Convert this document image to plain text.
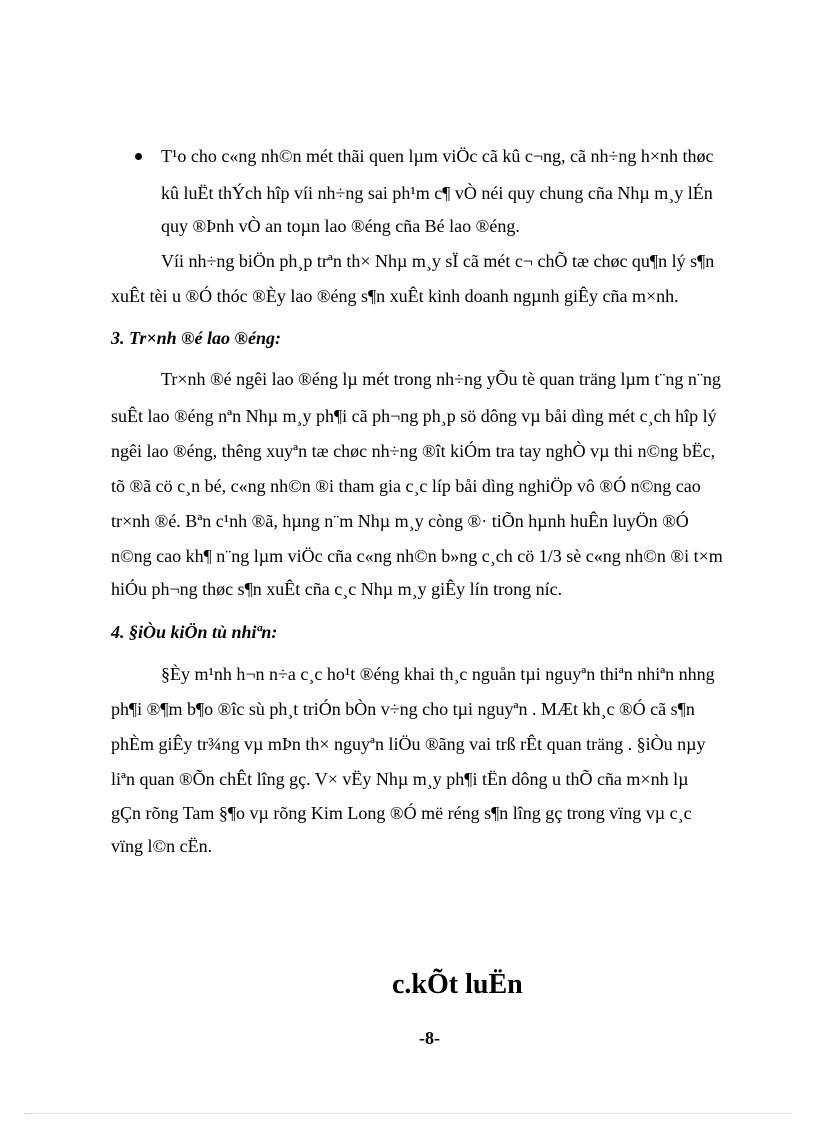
T¹o cho c«ng nh©n mét thãi quen lµm viÖc cã kû c¬ng, cã nh÷ng h×nh thøc
kû luËt thÝch hîp víi nh÷ng sai ph¹m c¶ vÒ néi quy chung cña Nhµ m¸y lÉn
quy ®Þnh vÒ an toµn lao ®éng cña Bé lao ®éng.
Víi nh÷ng biÖn ph¸p trªn th× Nhµ m¸y sÏ cã mét c¬ chÕ tæ chøc qu¶n lý s¶n
xuÊt tèi u ®Ó thóc ®Èy lao ®éng s¶n xuÊt kinh doanh ngµnh giÊy cña m×nh.
3. Tr×nh ®é lao ®éng:
Tr×nh ®é ngêi lao ®éng lµ mét trong nh÷ng yÕu tè quan träng lµm t¨ng n¨ng
suÊt lao ®éng nªn Nhµ m¸y ph¶i cã ph¬ng ph¸p sö dông vµ båi dìng mét c¸ch hîp lý
ngêi lao ®éng, thêng xuyªn tæ chøc nh÷ng ®ît kiÓm tra tay nghÒ vµ thi n©ng bËc,
tõ ®ã cö c¸n bé, c«ng nh©n ®i tham gia c¸c líp båi dìng nghiÖp vô ®Ó n©ng cao
tr×nh ®é. Bªn c¹nh ®ã, hµng n¨m Nhµ m¸y còng ®· tiÕn hµnh huÊn luyÖn ®Ó
n©ng cao kh¶ n¨ng lµm viÖc cña c«ng nh©n b»ng c¸ch cö 1/3 sè c«ng nh©n ®i t×m
hiÓu ph¬ng thøc s¶n xuÊt cña c¸c Nhµ m¸y giÊy lín trong níc.
4. §iÒu kiÖn tù nhiªn:
§Èy m¹nh h¬n n÷a c¸c ho¹t ®éng khai th¸c nguån tµi nguyªn thiªn nhiªn nhng
ph¶i ®¶m b¶o ®îc sù ph¸t triÓn bÒn v÷ng cho tµi nguyªn . MÆt kh¸c ®Ó cã s¶n
phÈm giÊy tr¾ng vµ mÞn th× nguyªn liÖu ®ãng vai trß rÊt quan träng . §iÒu nµy
liªn quan ®Õn chÊt lîng gç. V× vËy Nhµ m¸y ph¶i tËn dông u thÕ cña m×nh lµ
gÇn rõng Tam §¶o vµ rõng Kim Long ®Ó më réng s¶n lîng gç trong vïng vµ c¸c
vïng l©n cËn.
c.kÕt luËn
-8-
